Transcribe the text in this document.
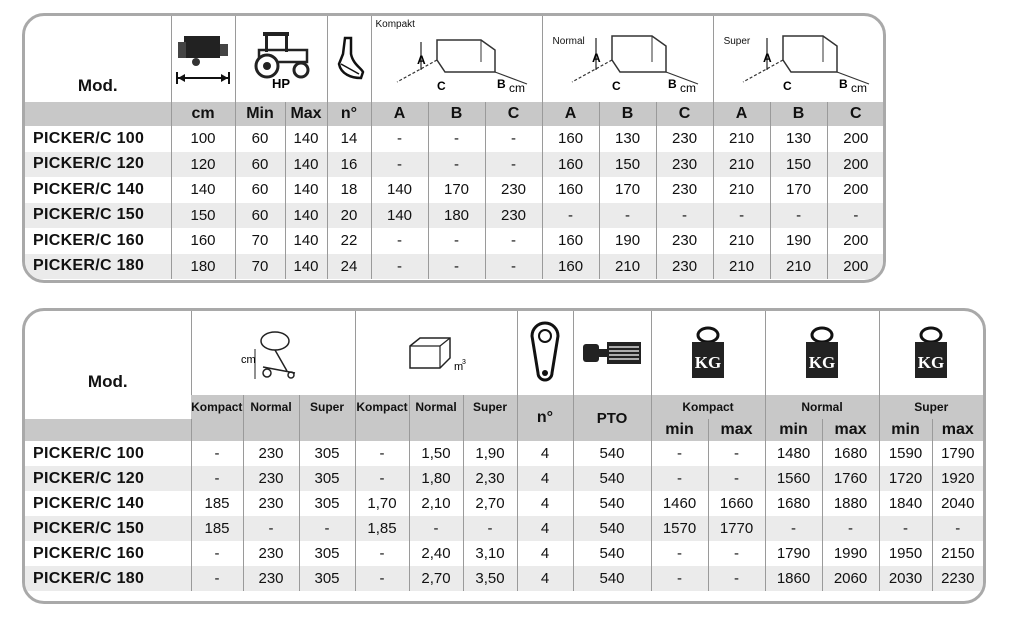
Mod.		HP			Kompakt
A
C B cm			Normal
A
C B cm			Super
A
C B cm		

	cm	Min	Max	n°	A	B	C	A	B	C	A	B	C
PICKER/C 100	100	60	140	14	-	-	-	160	130	230	210	130	200
PICKER/C 120	120	60	140	16	-	-	-	160	150	230	210	150	200
PICKER/C 140	140	60	140	18	140	170	230	160	170	230	210	170	200
PICKER/C 150	150	60	140	20	140	180	230	-	-	-	-	-	-
PICKER/C 160	160	70	140	22	-	-	-	160	190	230	210	190	200
PICKER/C 180	180	70	140	24	-	-	-	160	210	230	210	210	200
Mod.	cm			m
3					KG		KG		KG	

	Kompact	Normal	Super	Kompact	Normal	Super	n°	PTO	Kompact		Normal		Super	
									min	max	min	max	min	max
PICKER/C 100	-	230	305	-	1,50	1,90	4	540	-	-	1480	1680	1590	1790
PICKER/C 120	-	230	305	-	1,80	2,30	4	540	-	-	1560	1760	1720	1920
PICKER/C 140	185	230	305	1,70	2,10	2,70	4	540	1460	1660	1680	1880	1840	2040
PICKER/C 150	185	-	-	1,85	-	-	4	540	1570	1770	-	-	-	-
PICKER/C 160	-	230	305	-	2,40	3,10	4	540	-	-	1790	1990	1950	2150
PICKER/C 180	-	230	305	-	2,70	3,50	4	540	-	-	1860	2060	2030	2230
